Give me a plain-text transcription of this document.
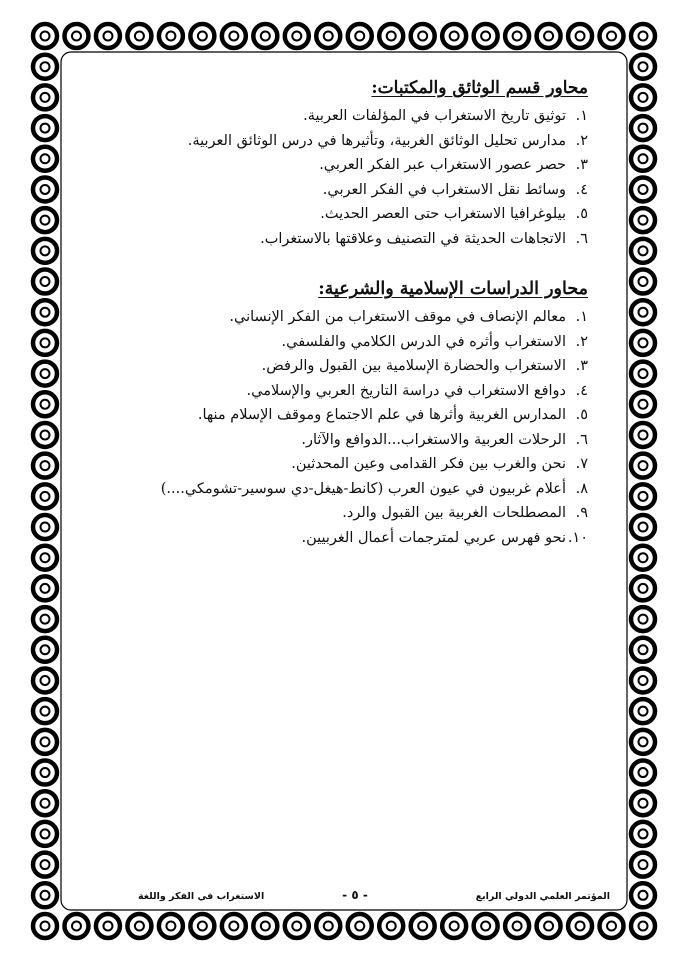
محاور قسم الوثائق والمكتبات:
١.توثيق تاريخ الاستغراب في المؤلفات العربية.
٢.مدارس تحليل الوثائق الغربية، وتأثيرها في درس الوثائق العربية.
٣.حصر عصور الاستغراب عبر الفكر العربي.
٤.وسائط نقل الاستغراب في الفكر العربي.
٥.بيلوغرافيا الاستغراب حتى العصر الحديث.
٦.الاتجاهات الحديثة في التصنيف وعلاقتها بالاستغراب.
محاور الدراسات الإسلامية والشرعية:
١.معالم الإنصاف في موقف الاستغراب من الفكر الإنساني.
٢.الاستغراب وأثره في الدرس الكلامي والفلسفي.
٣.الاستغراب والحضارة الإسلامية بين القبول والرفض.
٤.دوافع الاستغراب في دراسة التاريخ العربي والإسلامي.
٥.المدارس الغربية وأثرها في علم الاجتماع وموقف الإسلام منها.
٦.الرحلات العربية والاستغراب...الدوافع والآثار.
٧.نحن والغرب بين فكر القدامى وعين المحدثين.
٨.أعلام غربيون في عيون العرب (كانط-هيغل-دي سوسير-تشومكي....)
٩.المصطلحات الغربية بين القبول والرد.
١٠.نحو فهرس عربي لمترجمات أعمال الغربيين.
المؤتمر العلمي الدولي الرابع
- ٥ -
الاستغراب في الفكر واللغة
